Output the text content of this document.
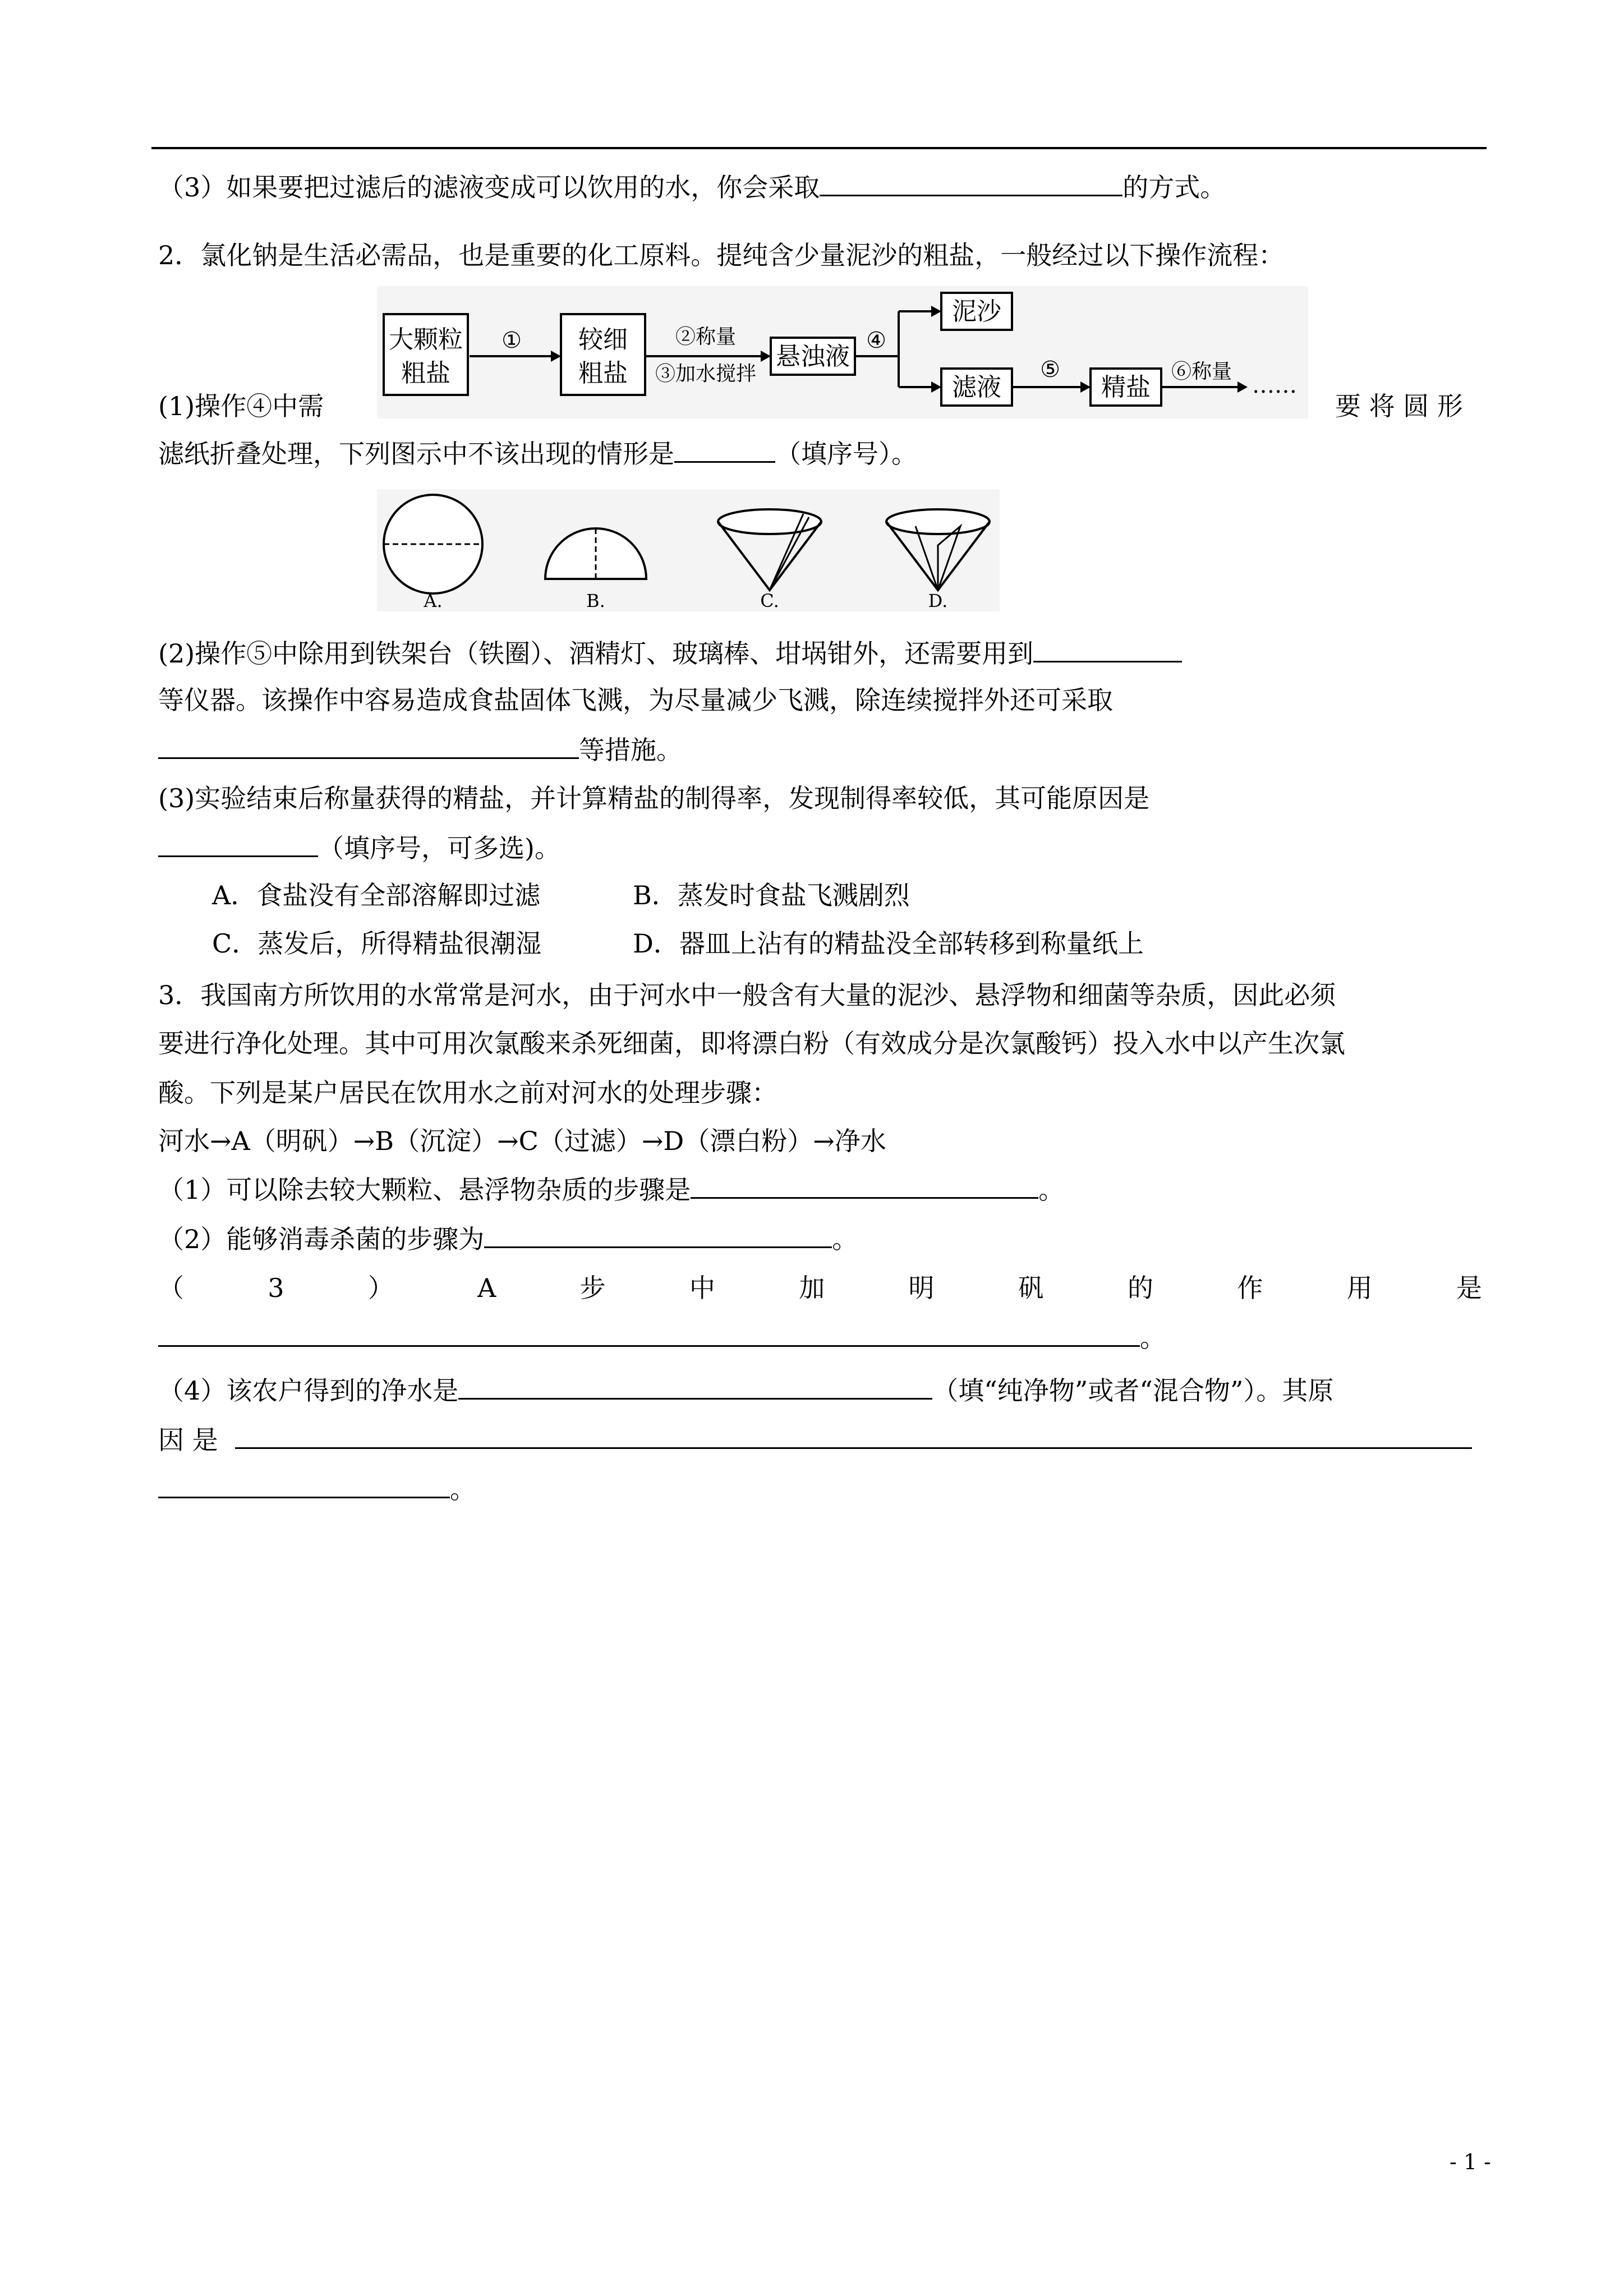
（3）如果要把过滤后的滤液变成可以饮用的水，你会采取	的方式。
2．氯化钠是生活必需品，也是重要的化工原料。提纯含少量泥沙的粗盐，一般经过以下操作流程：
大颗粒
粗盐
① 较细
粗盐
②称量
③加水搅拌
悬浊液
④
泥沙
滤液
⑤
精盐
⑥称量
……
(1)操作④中需	要 将 圆 形
滤纸折叠处理，下列图示中不该出现的情形是	（填序号）。
A.	B.	C.	D.
(2)操作⑤中除用到铁架台（铁圈）、酒精灯、玻璃棒、坩埚钳外，还需要用到
等仪器。该操作中容易造成食盐固体飞溅，为尽量减少飞溅，除连续搅拌外还可采取
等措施。
(3)实验结束后称量获得的精盐，并计算精盐的制得率，发现制得率较低，其可能原因是
（填序号，可多选)。
A．食盐没有全部溶解即过滤	B．蒸发时食盐飞溅剧烈
C．蒸发后，所得精盐很潮湿	D．器皿上沾有的精盐没全部转移到称量纸上
3．我国南方所饮用的水常常是河水，由于河水中一般含有大量的泥沙、悬浮物和细菌等杂质，因此必须
要进行净化处理。其中可用次氯酸来杀死细菌，即将漂白粉（有效成分是次氯酸钙）投入水中以产生次氯
酸。下列是某户居民在饮用水之前对河水的处理步骤：
河水→A（明矾）→B（沉淀）→C（过滤）→D（漂白粉）→净水
（1）可以除去较大颗粒、悬浮物杂质的步骤是	。
（2）能够消毒杀菌的步骤为	。
（	3	）	A	步	中	加	明	矾	的	作	用	是
。
（4）该农户得到的净水是	（填“纯净物”或者“混合物”）。其原
因 是
。
- 1 -
